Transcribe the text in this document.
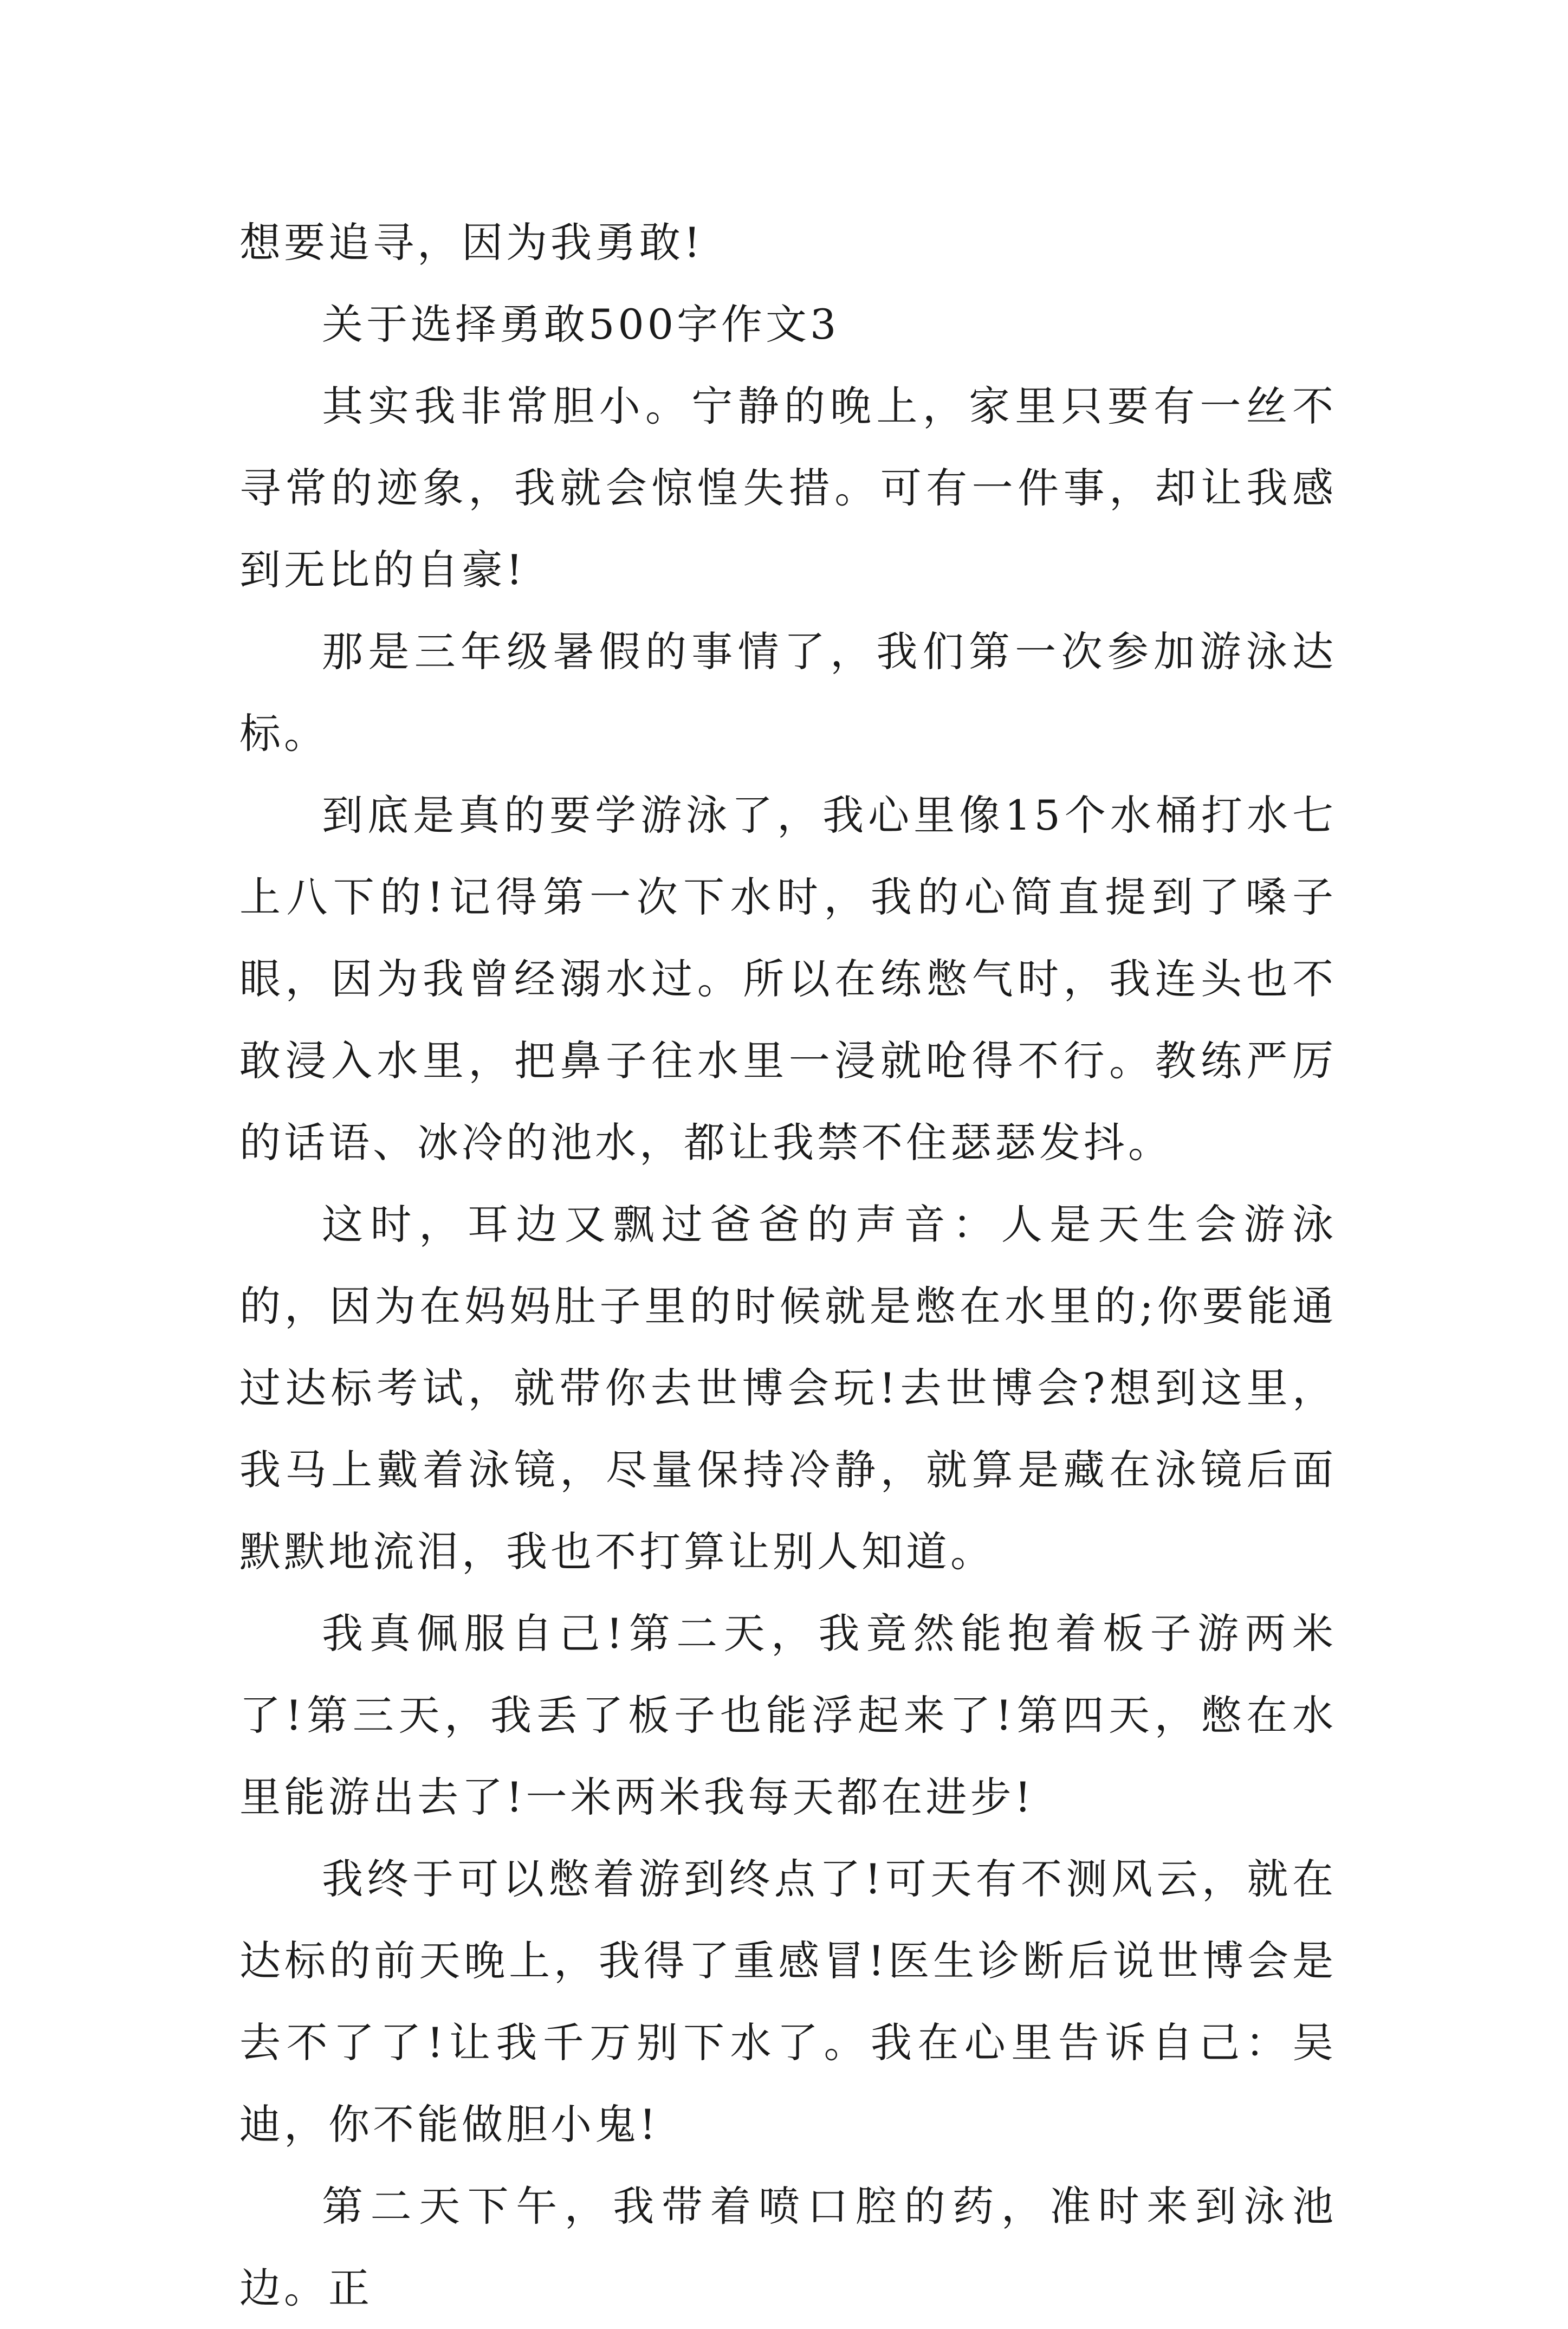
想要追寻，因为我勇敢!

关于选择勇敢500字作文3

其实我非常胆小。宁静的晚上，家里只要有一丝不寻常的迹象，我就会惊惶失措。可有一件事，却让我感到无比的自豪!

那是三年级暑假的事情了，我们第一次参加游泳达标。

到底是真的要学游泳了，我心里像15个水桶打水七上八下的!记得第一次下水时，我的心简直提到了嗓子眼，因为我曾经溺水过。所以在练憋气时，我连头也不敢浸入水里，把鼻子往水里一浸就呛得不行。教练严厉的话语、冰冷的池水，都让我禁不住瑟瑟发抖。

这时，耳边又飘过爸爸的声音：人是天生会游泳的，因为在妈妈肚子里的时候就是憋在水里的;你要能通过达标考试，就带你去世博会玩!去世博会?想到这里，我马上戴着泳镜，尽量保持冷静，就算是藏在泳镜后面默默地流泪，我也不打算让别人知道。

我真佩服自己!第二天，我竟然能抱着板子游两米了!第三天，我丢了板子也能浮起来了!第四天，憋在水里能游出去了!一米两米我每天都在进步!

我终于可以憋着游到终点了!可天有不测风云，就在达标的前天晚上，我得了重感冒!医生诊断后说世博会是去不了了!让我千万别下水了。我在心里告诉自己：吴迪，你不能做胆小鬼!

第二天下午，我带着喷口腔的药，准时来到泳池边。正
